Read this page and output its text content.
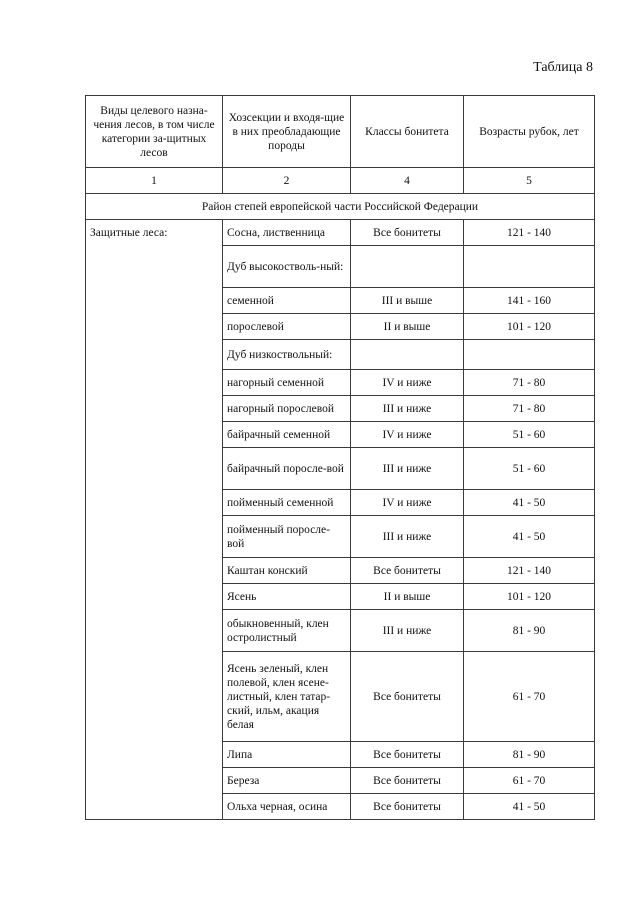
Таблица 8
Виды целевого назна-чения лесов, в том числе категории за-щитных лесов	Хозсекции и входя-щие в них преобладающие породы	Классы бонитета	Возрасты рубок, лет
1	2	4	5
Район степей европейской части Российской Федерации			
Защитные леса:	Сосна, лиственница	Все бонитеты	121 - 140
	Дуб высокостволь-ный:		
	семенной	III и выше	141 - 160
	порослевой	II и выше	101 - 120
	Дуб низкоствольный:		
	нагорный семенной	IV и ниже	71 - 80
	нагорный порослевой	III и ниже	71 - 80
	байрачный семенной	IV и ниже	51 - 60
	байрачный поросле-вой	III и ниже	51 - 60
	пойменный семенной	IV и ниже	41 - 50
	пойменный поросле-вой	III и ниже	41 - 50
	Каштан конский	Все бонитеты	121 - 140
	Ясень	II и выше	101 - 120
	обыкновенный, клен остролистный	III и ниже	81 - 90
	Ясень зеленый, клен полевой, клен ясене-листный, клен татар-ский, ильм, акация белая	Все бонитеты	61 - 70
	Липа	Все бонитеты	81 - 90
	Береза	Все бонитеты	61 - 70
	Ольха черная, осина	Все бонитеты	41 - 50
